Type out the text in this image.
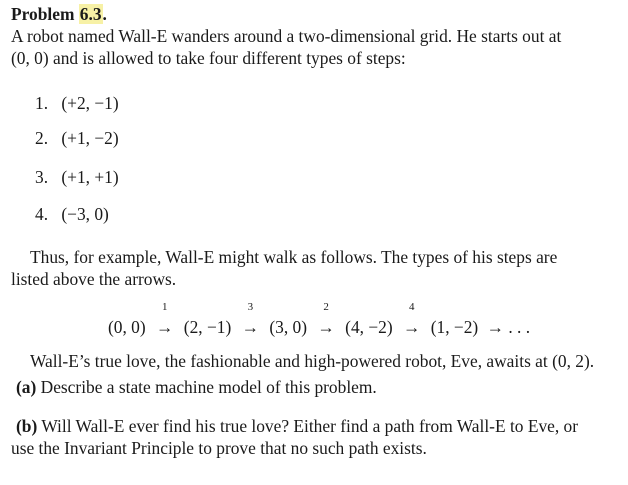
Problem 6.3.
A robot named Wall-E wanders around a two-dimensional grid. He starts out at
(0, 0) and is allowed to take four different types of steps:
1. (+2, −1)
2. (+1, −2)
3. (+1, +1)
4. (−3, 0)
Thus, for example, Wall-E might walk as follows. The types of his steps are
listed above the arrows.
(0, 0)
1
→ (2, −1)
3
→ (3, 0)
2
→ (4, −2)
4
→ (1, −2) → . . .
Wall-E’s true love, the fashionable and high-powered robot, Eve, awaits at (0, 2).
(a) Describe a state machine model of this problem.
(b) Will Wall-E ever find his true love? Either find a path from Wall-E to Eve, or
use the Invariant Principle to prove that no such path exists.
